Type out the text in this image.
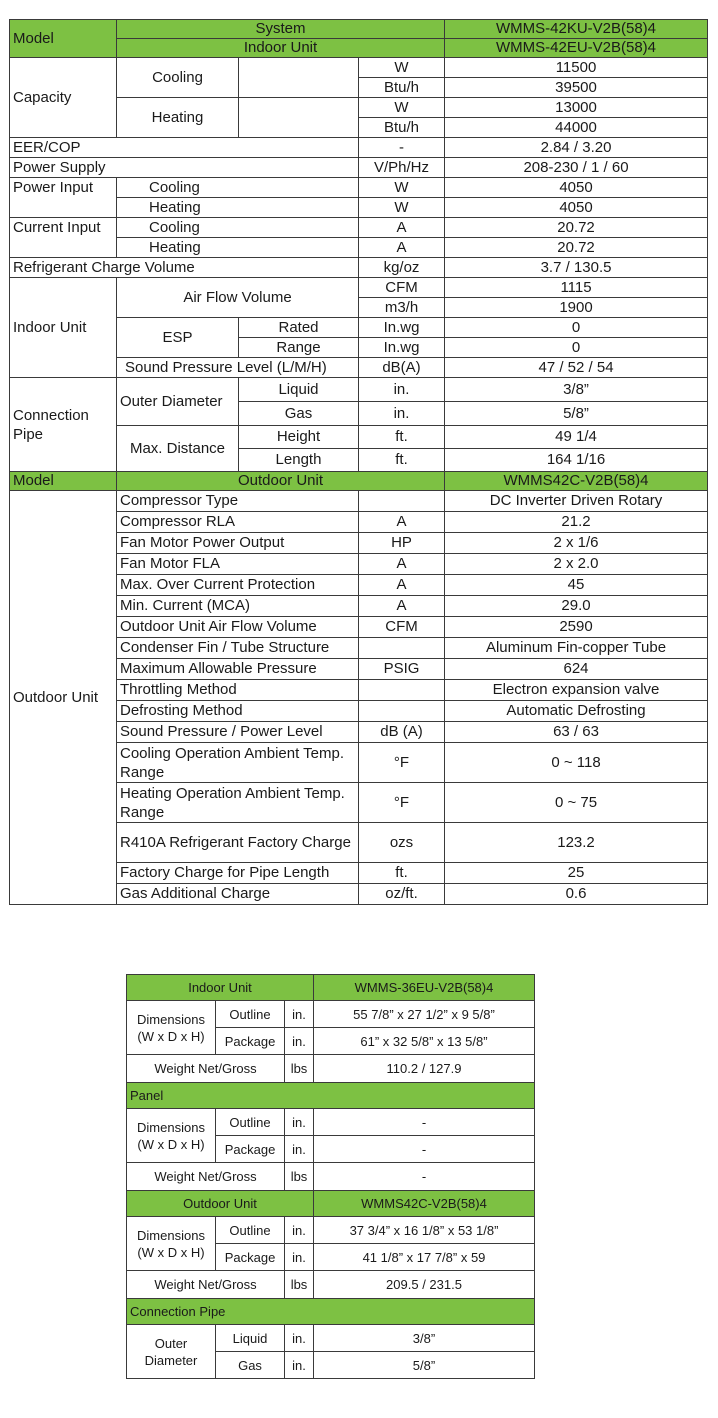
Model	System			WMMS-42KU-V2B(58)4
	Indoor Unit			WMMS-42EU-V2B(58)4
Capacity	Cooling		W	11500
			Btu/h	39500
	Heating		W	13000
			Btu/h	44000
EER/COP			-	2.84 / 3.20
Power Supply			V/Ph/Hz	208-230 / 1 / 60
Power Input	Cooling		W	4050
	Heating		W	4050
Current Input	Cooling		A	20.72
	Heating		A	20.72
Refrigerant Charge Volume			kg/oz	3.7 / 130.5
Indoor Unit	Air Flow Volume		CFM	1115
			m3/h	1900
	ESP	Rated	In.wg	0
		Range	In.wg	0
	Sound Pressure Level (L/M/H)		dB(A)	47 / 52 / 54
Connection Pipe	Outer Diameter	Liquid	in.	3/8”
		Gas	in.	5/8”
	Max. Distance	Height	ft.	49 1/4
		Length	ft.	164 1/16
Model	Outdoor Unit			WMMS42C-V2B(58)4
Outdoor Unit	Compressor Type			DC Inverter Driven Rotary
	Compressor RLA		A	21.2
	Fan Motor Power Output		HP	2 x 1/6
	Fan Motor FLA		A	2 x 2.0
	Max. Over Current Protection		A	45
	Min. Current (MCA)		A	29.0
	Outdoor Unit Air Flow Volume		CFM	2590
	Condenser Fin / Tube Structure			Aluminum Fin-copper Tube
	Maximum Allowable Pressure		PSIG	624
	Throttling Method			Electron expansion valve
	Defrosting Method			Automatic Defrosting
	Sound Pressure / Power Level		dB (A)	63 / 63
	Cooling Operation Ambient Temp. Range		°F	0 ~ 118
	Heating Operation Ambient Temp. Range		°F	0 ~ 75
	R410A Refrigerant Factory Charge		ozs	123.2
	Factory Charge for Pipe Length		ft.	25
	Gas Additional Charge		oz/ft.	0.6
Indoor Unit			WMMS-36EU-V2B(58)4
Dimensions (W x D x H)	Outline	in.	55 7/8” x 27 1/2” x 9 5/8”
	Package	in.	61” x 32 5/8” x 13 5/8”
Weight Net/Gross		lbs	110.2 / 127.9
Panel			
Dimensions (W x D x H)	Outline	in.	-
	Package	in.	-
Weight Net/Gross		lbs	-
Outdoor Unit			WMMS42C-V2B(58)4
Dimensions (W x D x H)	Outline	in.	37 3/4” x 16 1/8” x 53 1/8”
	Package	in.	41 1/8” x 17 7/8” x 59
Weight Net/Gross		lbs	209.5 / 231.5
Connection Pipe			
Outer Diameter	Liquid	in.	3/8”
	Gas	in.	5/8”
